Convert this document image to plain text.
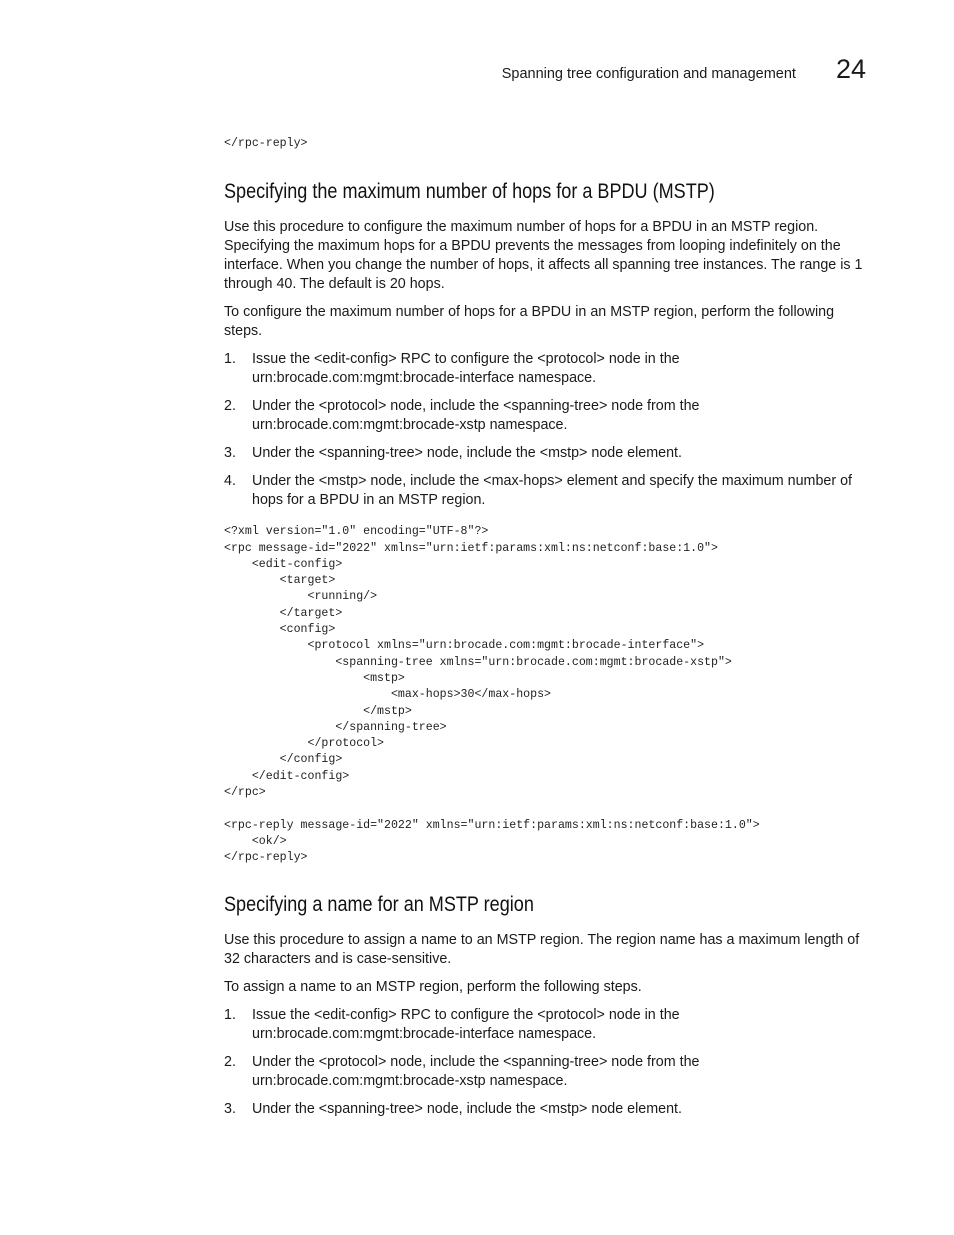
Spanning tree configuration and management 24
</rpc-reply>
Specifying the maximum number of hops for a BPDU (MSTP)

Use this procedure to configure the maximum number of hops for a BPDU in an MSTP region. Specifying the maximum hops for a BPDU prevents the messages from looping indefinitely on the interface. When you change the number of hops, it affects all spanning tree instances. The range is 1 through 40. The default is 20 hops.

To configure the maximum number of hops for a BPDU in an MSTP region, perform the following steps.

1.	Issue the <edit-config> RPC to configure the <protocol> node in the urn:brocade.com:mgmt:brocade-interface namespace.
2.	Under the <protocol> node, include the <spanning-tree> node from the urn:brocade.com:mgmt:brocade-xstp namespace.
3.	Under the <spanning-tree> node, include the <mstp> node element.
4.	Under the <mstp> node, include the <max-hops> element and specify the maximum number of hops for a BPDU in an MSTP region.
<?xml version="1.0" encoding="UTF-8"?>
<rpc message-id="2022" xmlns="urn:ietf:params:xml:ns:netconf:base:1.0">
<edit-config>
<target>
<running/>
</target>
<config>
<protocol xmlns="urn:brocade.com:mgmt:brocade-interface">
<spanning-tree xmlns="urn:brocade.com:mgmt:brocade-xstp">
<mstp>
<max-hops>30</max-hops>
</mstp>
</spanning-tree>
</protocol>
</config>
</edit-config>
</rpc>

<rpc-reply message-id="2022" xmlns="urn:ietf:params:xml:ns:netconf:base:1.0">
<ok/>
</rpc-reply>
Specifying a name for an MSTP region

Use this procedure to assign a name to an MSTP region. The region name has a maximum length of 32 characters and is case-sensitive.

To assign a name to an MSTP region, perform the following steps.

1.	Issue the <edit-config> RPC to configure the <protocol> node in the urn:brocade.com:mgmt:brocade-interface namespace.
2.	Under the <protocol> node, include the <spanning-tree> node from the urn:brocade.com:mgmt:brocade-xstp namespace.
3.	Under the <spanning-tree> node, include the <mstp> node element.
